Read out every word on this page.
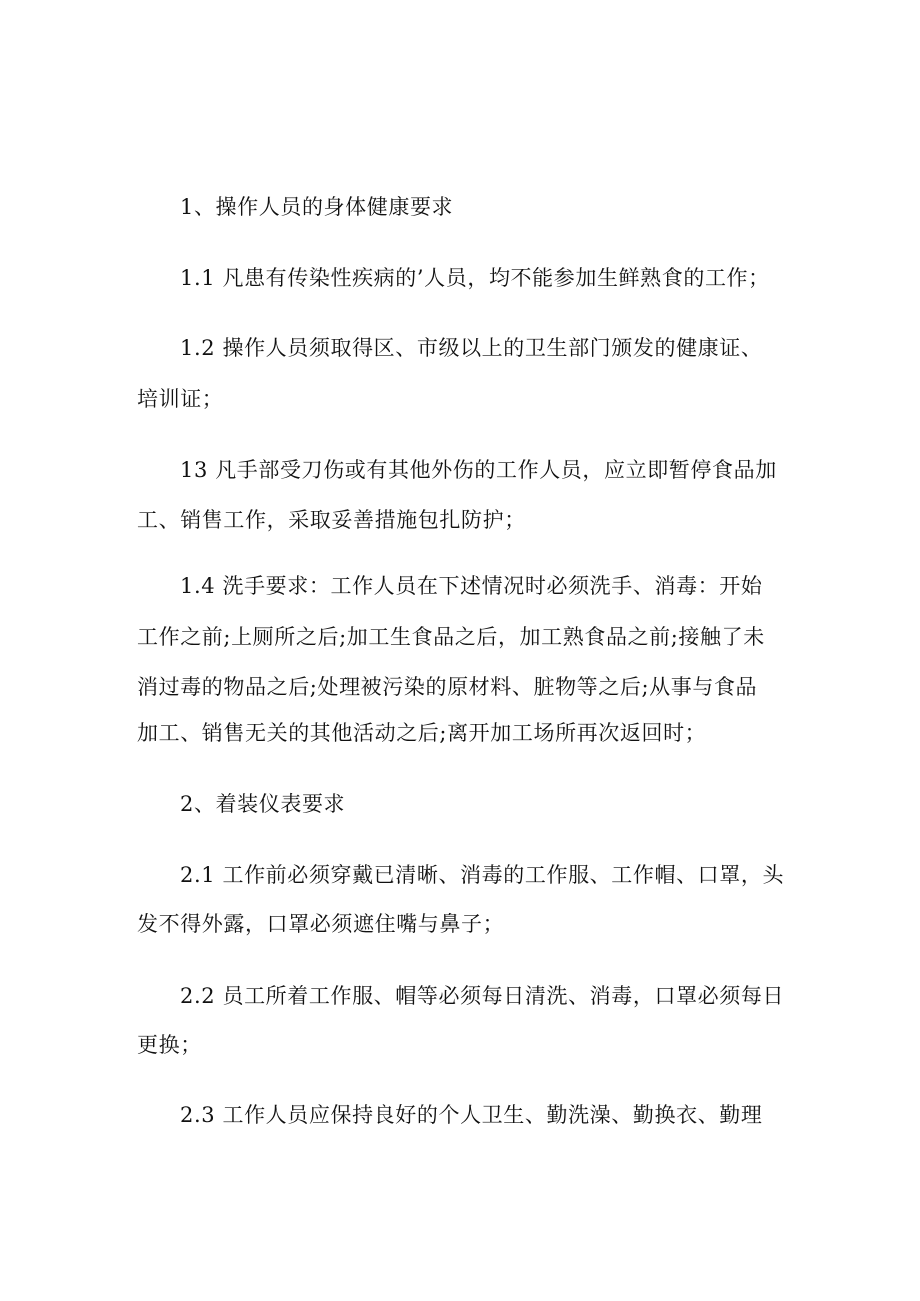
1、操作人员的身体健康要求
1.1 凡患有传染性疾病的’人员，均不能参加生鲜熟食的工作；
1.2 操作人员须取得区、市级以上的卫生部门颁发的健康证、
培训证；
13 凡手部受刀伤或有其他外伤的工作人员，应立即暂停食品加
工、销售工作，采取妥善措施包扎防护；
1.4 洗手要求：工作人员在下述情况时必须洗手、消毒：开始
工作之前;上厕所之后;加工生食品之后，加工熟食品之前;接触了未
消过毒的物品之后;处理被污染的原材料、脏物等之后;从事与食品
加工、销售无关的其他活动之后;离开加工场所再次返回时；
2、着装仪表要求
2.1 工作前必须穿戴已清晰、消毒的工作服、工作帽、口罩，头
发不得外露，口罩必须遮住嘴与鼻子；
2.2 员工所着工作服、帽等必须每日清洗、消毒，口罩必须每日
更换；
2.3 工作人员应保持良好的个人卫生、勤洗澡、勤换衣、勤理
